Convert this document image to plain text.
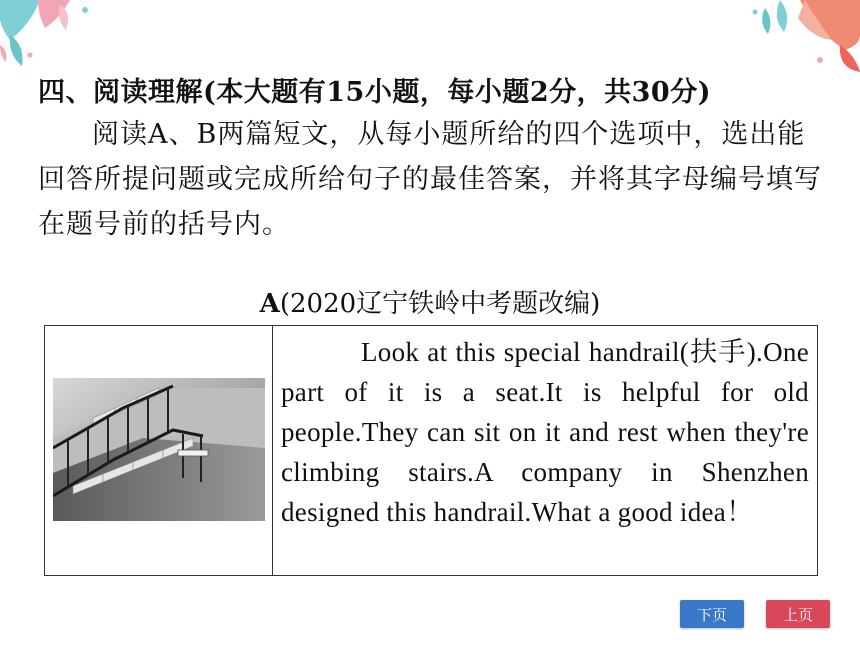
四、阅读理解(本大题有15小题，每小题2分，共30分)
阅读A、B两篇短文，从每小题所给的四个选项中，选出能回答所提问题或完成所给句子的最佳答案，并将其字母编号填写在题号前的括号内。
A(2020辽宁铁岭中考题改编)
Look at this special handrail(扶手).One part of it is a seat.It is helpful for old people.They can sit on it and rest when they're climbing stairs.A company in Shenzhen designed this handrail.What a good idea！
下页	上页
